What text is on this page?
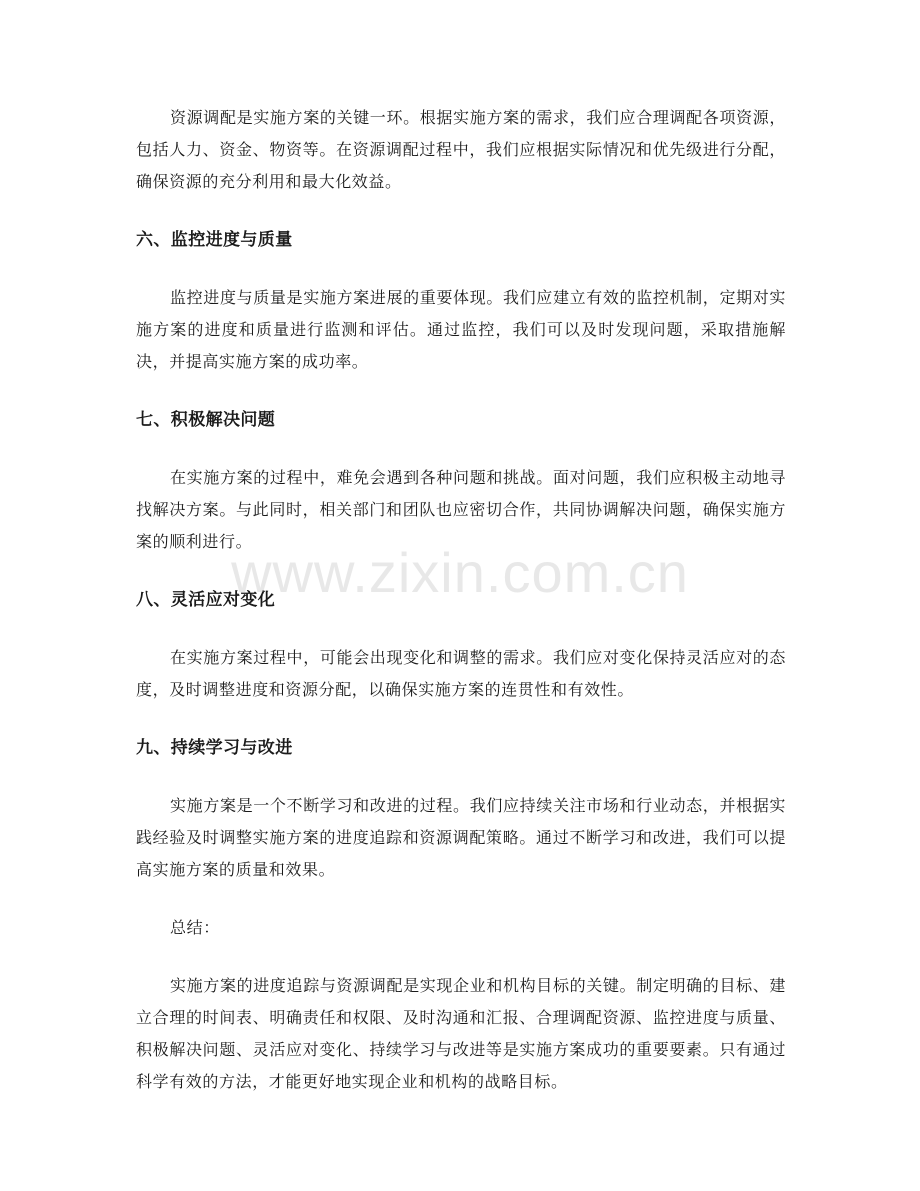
资源调配是实施方案的关键一环。根据实施方案的需求，我们应合理调配各项资源，包括人力、资金、物资等。在资源调配过程中，我们应根据实际情况和优先级进行分配，确保资源的充分利用和最大化效益。

六、监控进度与质量

监控进度与质量是实施方案进展的重要体现。我们应建立有效的监控机制，定期对实施方案的进度和质量进行监测和评估。通过监控，我们可以及时发现问题，采取措施解决，并提高实施方案的成功率。

七、积极解决问题

在实施方案的过程中，难免会遇到各种问题和挑战。面对问题，我们应积极主动地寻找解决方案。与此同时，相关部门和团队也应密切合作，共同协调解决问题，确保实施方案的顺利进行。

八、灵活应对变化

在实施方案过程中，可能会出现变化和调整的需求。我们应对变化保持灵活应对的态度，及时调整进度和资源分配，以确保实施方案的连贯性和有效性。

九、持续学习与改进

实施方案是一个不断学习和改进的过程。我们应持续关注市场和行业动态，并根据实践经验及时调整实施方案的进度追踪和资源调配策略。通过不断学习和改进，我们可以提高实施方案的质量和效果。

总结：

实施方案的进度追踪与资源调配是实现企业和机构目标的关键。制定明确的目标、建立合理的时间表、明确责任和权限、及时沟通和汇报、合理调配资源、监控进度与质量、积极解决问题、灵活应对变化、持续学习与改进等是实施方案成功的重要要素。只有通过科学有效的方法，才能更好地实现企业和机构的战略目标。

www.zixin.com.cn
